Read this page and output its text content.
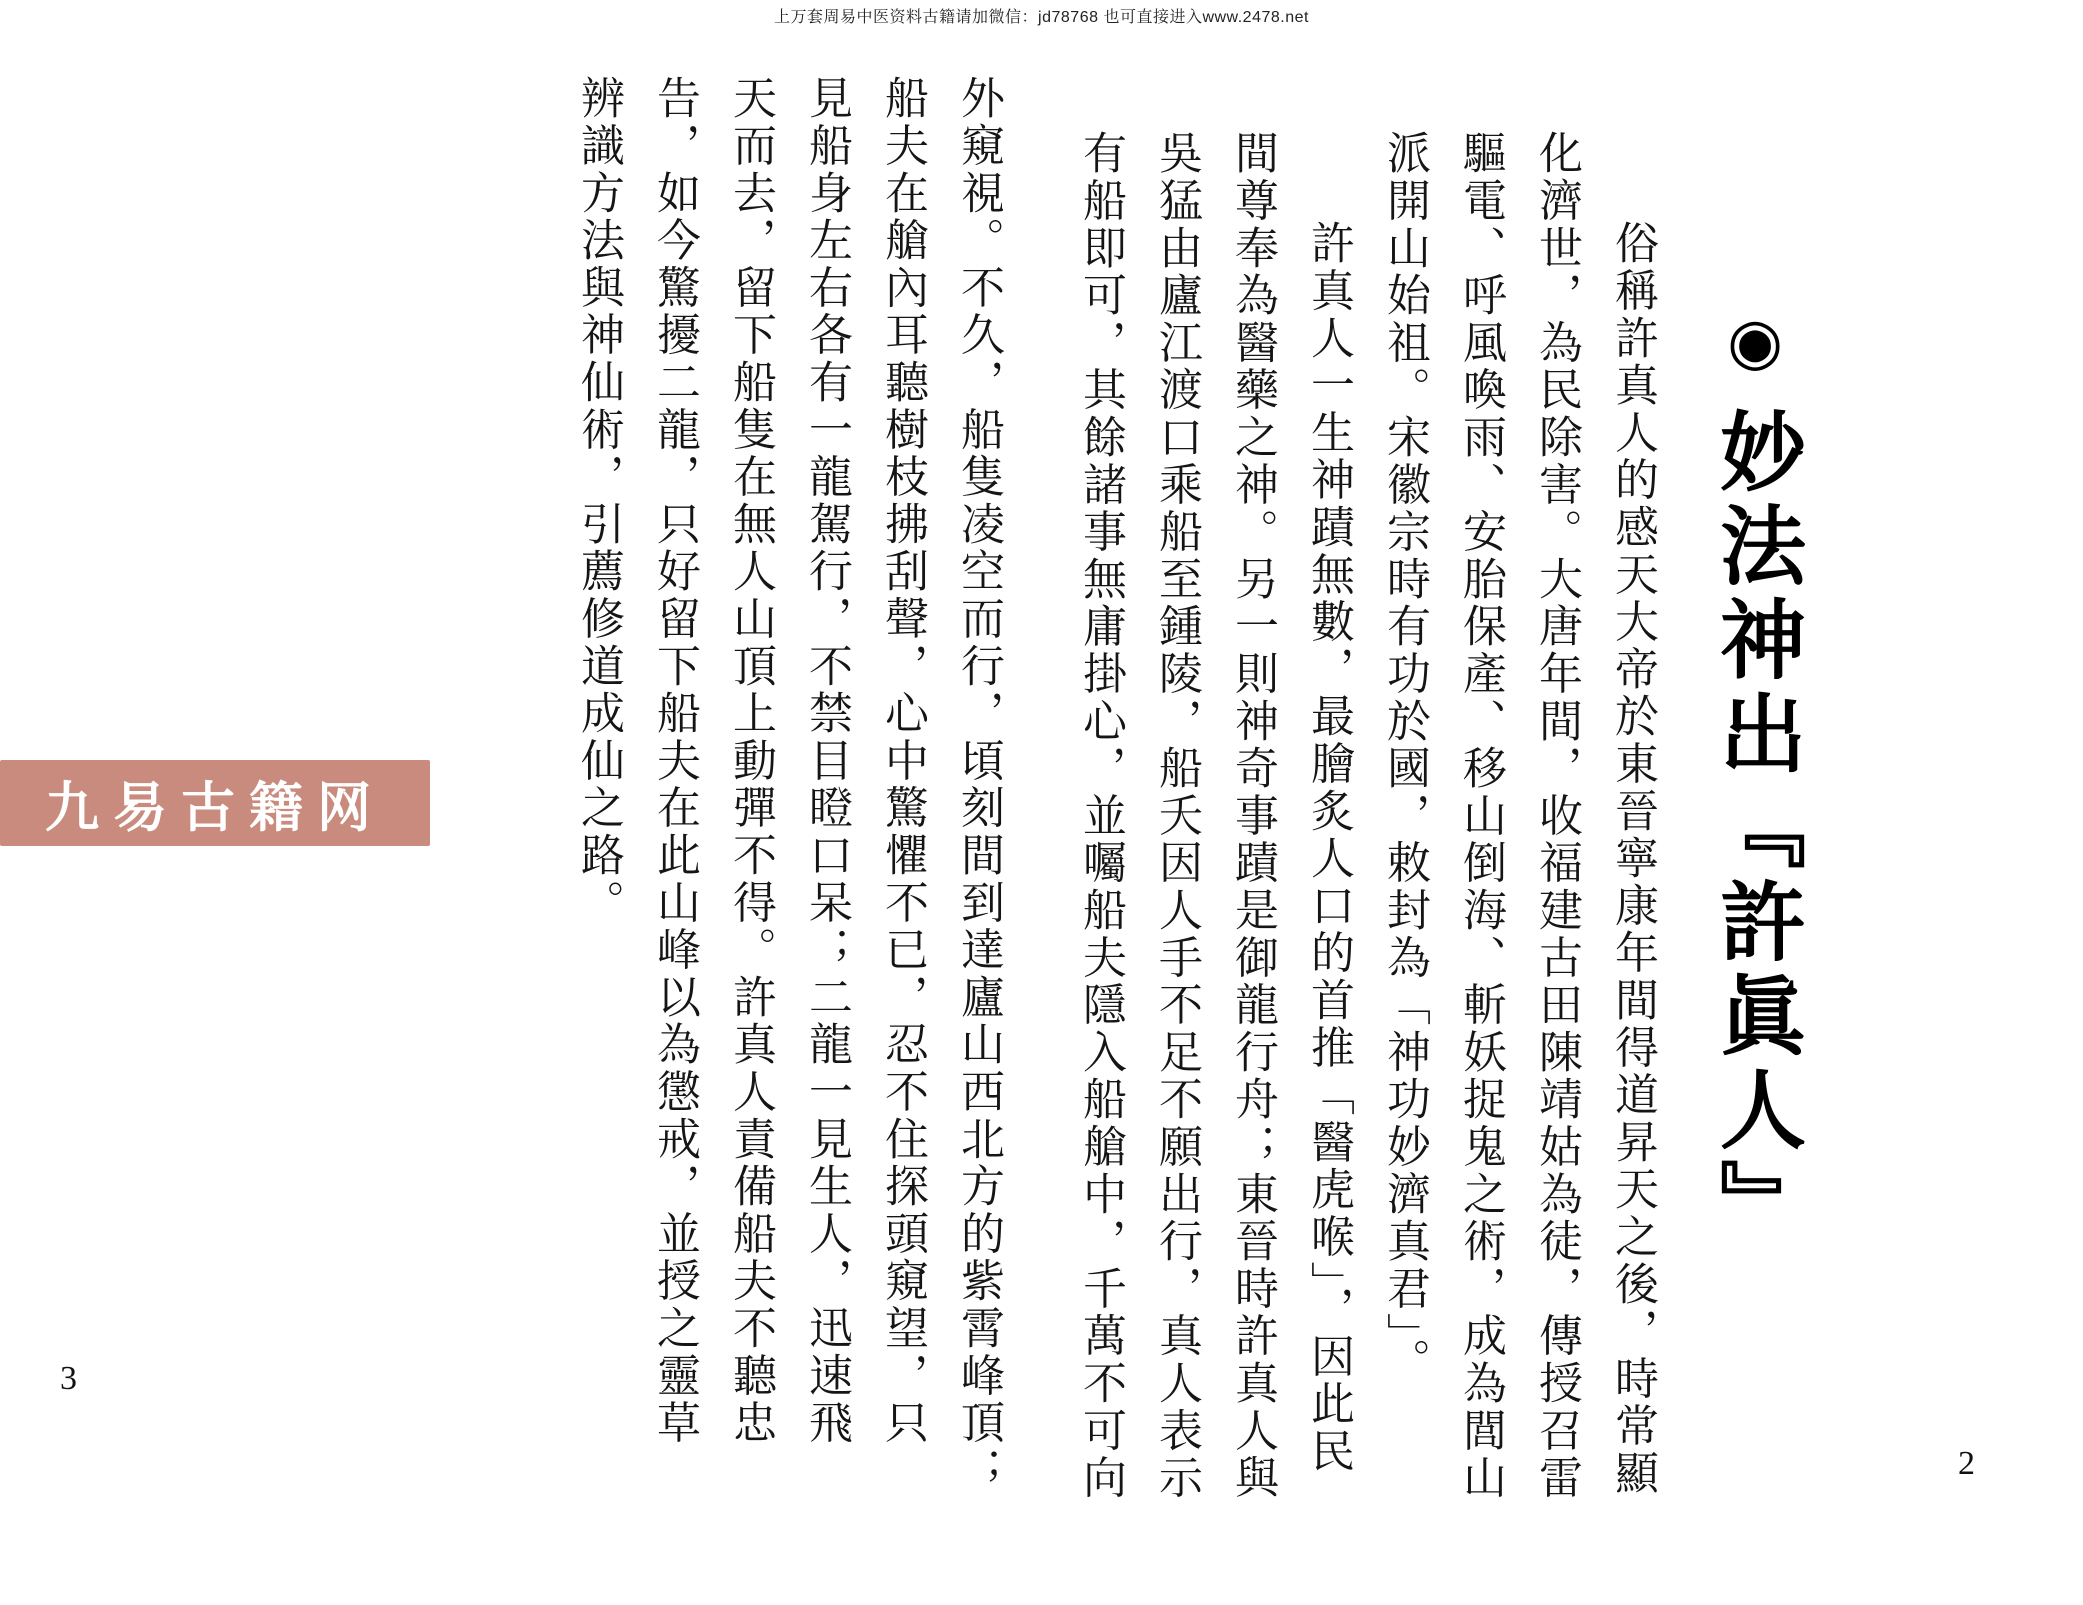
上万套周易中医资料古籍请加微信：jd78768 也可直接进入www.2478.net
◉妙法神出『許眞人』
俗稱許真人的感天大帝於東晉寧康年間得道昇天之後，時常顯
化濟世，為民除害。大唐年間，收福建古田陳靖姑為徒，傳授召雷
驅電、呼風喚雨、安胎保產、移山倒海、斬妖捉鬼之術，成為閭山
派開山始祖。宋徽宗時有功於國，敕封為「神功妙濟真君」。
許真人一生神蹟無數，最膾炙人口的首推「醫虎喉」，因此民
間尊奉為醫藥之神。另一則神奇事蹟是御龍行舟；東晉時許真人與
吳猛由廬江渡口乘船至鍾陵，船夭因人手不足不願出行，真人表示
有船即可，其餘諸事無庸掛心，並囑船夫隱入船艙中，千萬不可向
外窺視。不久，船隻凌空而行，頃刻間到達廬山西北方的紫霄峰頂；
船夫在艙內耳聽樹枝拂刮聲，心中驚懼不已，忍不住探頭窺望，只
見船身左右各有一龍駕行，不禁目瞪口呆；二龍一見生人，迅速飛
天而去，留下船隻在無人山頂上動彈不得。許真人責備船夫不聽忠
告，如今驚擾二龍，只好留下船夫在此山峰以為懲戒，並授之靈草
辨識方法與神仙術，引薦修道成仙之路。
3
2
九易古籍网
